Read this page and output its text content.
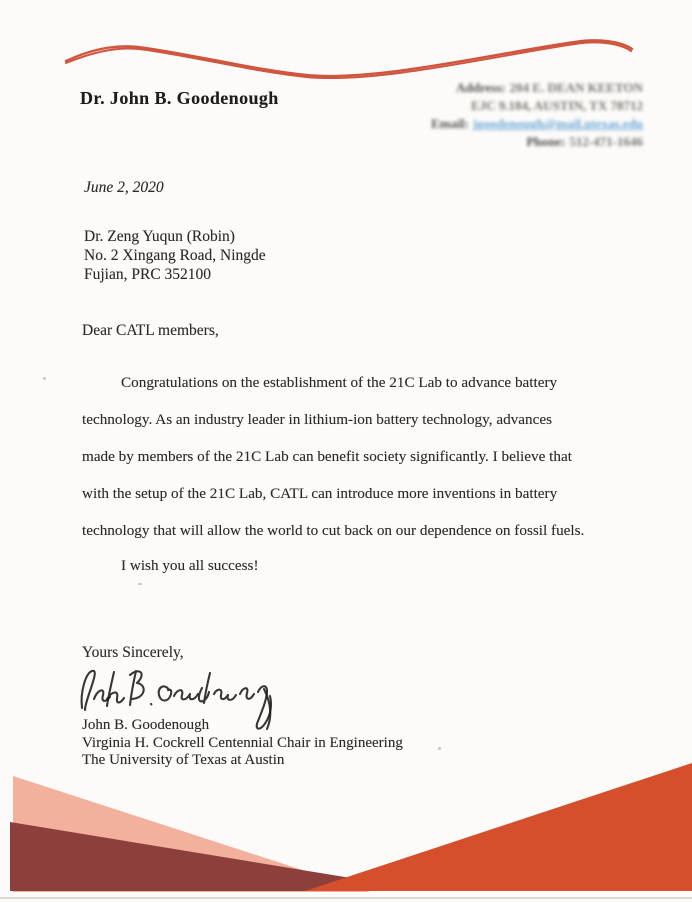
Dr. John B. Goodenough
Address: 204 E. DEAN KEETON
EJC 9.184, AUSTIN, TX 78712
Email: jgoodenough@mail.utexas.edu
Phone: 512-471-1646
June 2, 2020
Dr. Zeng Yuqun (Robin)
No. 2 Xingang Road, Ningde
Fujian, PRC 352100
Dear CATL members,
Congratulations on the establishment of the 21C Lab to advance battery
technology. As an industry leader in lithium-ion battery technology, advances
made by members of the 21C Lab can benefit society significantly. I believe that
with the setup of the 21C Lab, CATL can introduce more inventions in battery
technology that will allow the world to cut back on our dependence on fossil fuels.
I wish you all success!
Yours Sincerely,
John B. Goodenough
Virginia H. Cockrell Centennial Chair in Engineering
The University of Texas at Austin
